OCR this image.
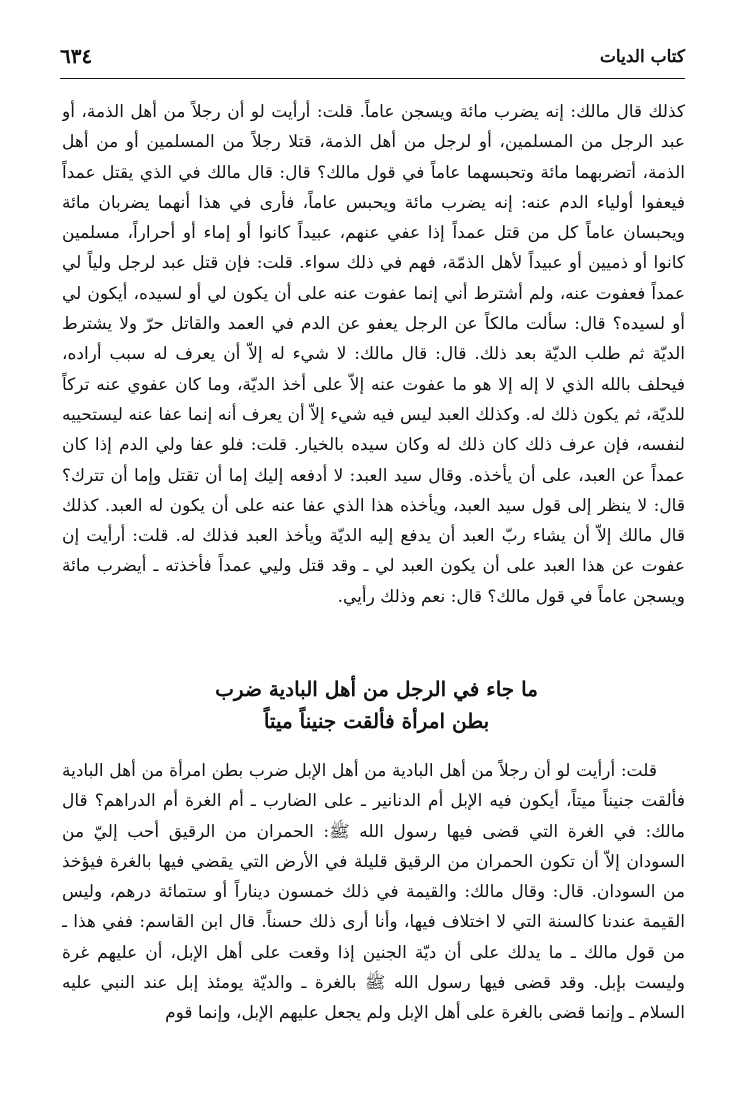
كتاب الديات
٦٣٤

كذلك قال مالك: إنه يضرب مائة ويسجن عاماً. قلت: أرأيت لو أن رجلاً من أهل الذمة، أو عبد الرجل من المسلمين، أو لرجل من أهل الذمة، قتلا رجلاً من المسلمين أو من أهل الذمة، أتضربهما مائة وتحبسهما عاماً في قول مالك؟ قال: قال مالك في الذي يقتل عمداً فيعفوا أولياء الدم عنه: إنه يضرب مائة ويحبس عاماً، فأرى في هذا أنهما يضربان مائة ويحبسان عاماً كل من قتل عمداً إذا عفي عنهم، عبيداً كانوا أو إماء أو أحراراً، مسلمين كانوا أو ذميين أو عبيداً لأهل الذمّة، فهم في ذلك سواء. قلت: فإن قتل عبد لرجل ولياً لي عمداً فعفوت عنه، ولم أشترط أني إنما عفوت عنه على أن يكون لي أو لسيده، أيكون لي أو لسيده؟ قال: سألت مالكاً عن الرجل يعفو عن الدم في العمد والقاتل حرّ ولا يشترط الديّة ثم طلب الديّة بعد ذلك. قال: قال مالك: لا شيء له إلاّ أن يعرف له سبب أراده، فيحلف بالله الذي لا إله إلا هو ما عفوت عنه إلاّ على أخذ الديّة، وما كان عفوي عنه تركاً للديّة، ثم يكون ذلك له. وكذلك العبد ليس فيه شيء إلاّ أن يعرف أنه إنما عفا عنه ليستحييه لنفسه، فإن عرف ذلك كان ذلك له وكان سيده بالخيار. قلت: فلو عفا ولي الدم إذا كان عمداً عن العبد، على أن يأخذه. وقال سيد العبد: لا أدفعه إليك إما أن تقتل وإما أن تترك؟ قال: لا ينظر إلى قول سيد العبد، ويأخذه هذا الذي عفا عنه على أن يكون له العبد. كذلك قال مالك إلاّ أن يشاء ربّ العبد أن يدفع إليه الديّة ويأخذ العبد فذلك له. قلت: أرأيت إن عفوت عن هذا العبد على أن يكون العبد لي ـ وقد قتل وليي عمداً فأخذته ـ أيضرب مائة ويسجن عاماً في قول مالك؟ قال: نعم وذلك رأيي.

ما جاء في الرجل من أهل البادية ضرب
بطن امرأة فألقت جنيناً ميتاً

قلت: أرأيت لو أن رجلاً من أهل البادية من أهل الإبل ضرب بطن امرأة من أهل البادية فألقت جنيناً ميتاً، أيكون فيه الإبل أم الدنانير ـ على الضارب ـ أم الغرة أم الدراهم؟ قال مالك: في الغرة التي قضى فيها رسول الله ﷺ: الحمران من الرقيق أحب إليّ من السودان إلاّ أن تكون الحمران من الرقيق قليلة في الأرض التي يقضي فيها بالغرة فيؤخذ من السودان. قال: وقال مالك: والقيمة في ذلك خمسون ديناراً أو ستمائة درهم، وليس القيمة عندنا كالسنة التي لا اختلاف فيها، وأنا أرى ذلك حسناً. قال ابن القاسم: ففي هذا ـ من قول مالك ـ ما يدلك على أن ديّة الجنين إذا وقعت على أهل الإبل، أن عليهم غرة وليست بإبل. وقد قضى فيها رسول الله ﷺ بالغرة ـ والديّة يومئذ إبل عند النبي عليه السلام ـ وإنما قضى بالغرة على أهل الإبل ولم يجعل عليهم الإبل، وإنما قوم
